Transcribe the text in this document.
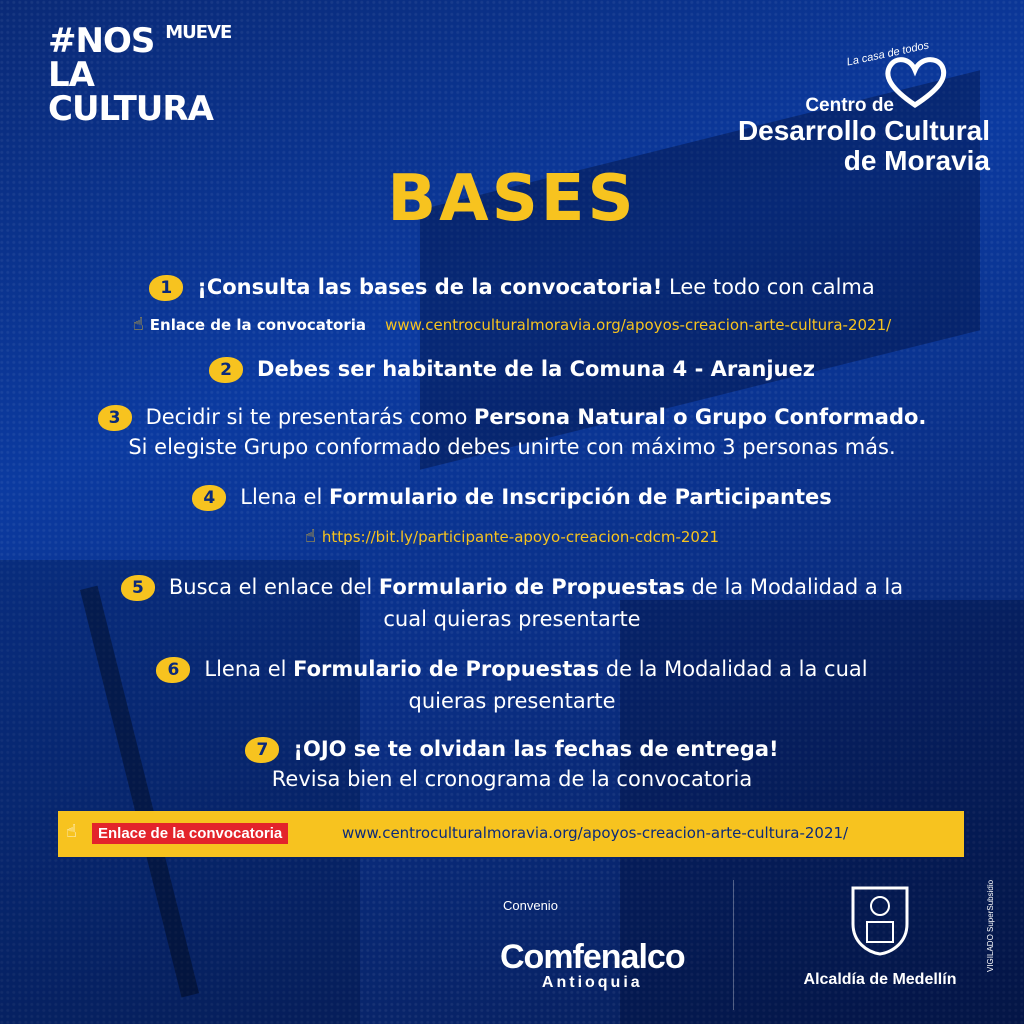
#NOS $^{MUEVE}$
LA CULTURA
La casa de todos
Centro de
Desarrollo Cultural
de Moravia
BASES
1 ¡Consulta las bases de la convocatoria! Lee todo con calma
☝ Enlace de la convocatoria www.centroculturalmoravia.org/apoyos-creacion-arte-cultura-2021/
2 Debes ser habitante de la Comuna 4 - Aranjuez
3 Decidir si te presentarás como Persona Natural o Grupo Conformado.
Si elegiste Grupo conformado debes unirte con máximo 3 personas más.
4 Llena el Formulario de Inscripción de Participantes
☝ https://bit.ly/participante-apoyo-creacion-cdcm-2021
5 Busca el enlace del Formulario de Propuestas de la Modalidad a la
cual quieras presentarte
6 Llena el Formulario de Propuestas de la Modalidad a la cual
quieras presentarte
7 ¡OJO se te olvidan las fechas de entrega!
Revisa bien el cronograma de la convocatoria
☝	Enlace de la convocatoria	www.centroculturalmoravia.org/apoyos-creacion-arte-cultura-2021/
Convenio
Comfenalco
Antioquia	Alcaldía de Medellín
VIGILADO SuperSubsidio
